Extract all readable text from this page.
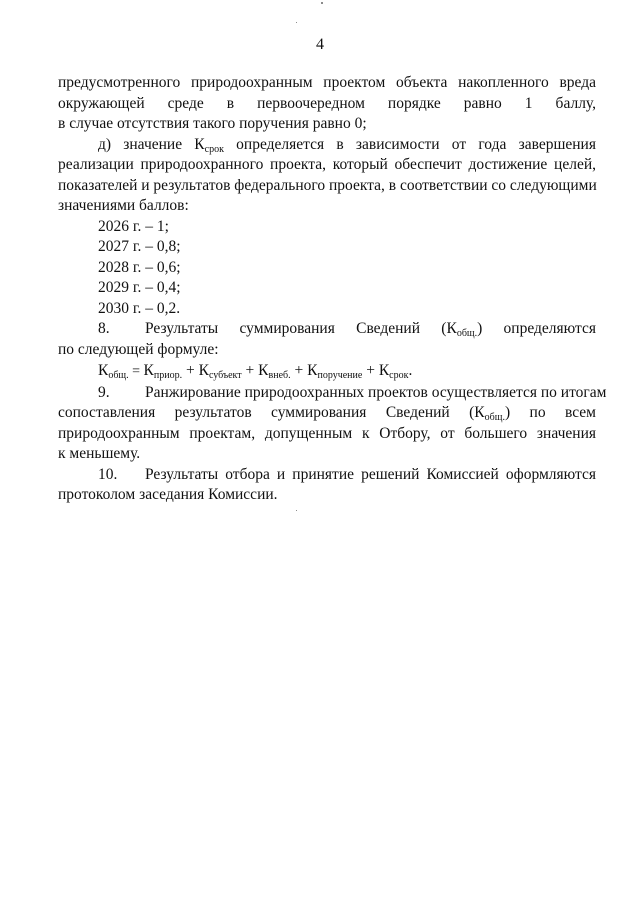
4
предусмотренного природоохранным проектом объекта накопленного вреда
окружающей среде в первоочередном порядке равно 1 баллу,
в случае отсутствия такого поручения равно 0;
д) значение $К_{срок}$ определяется в зависимости от года завершения
реализации природоохранного проекта, который обеспечит достижение целей,
показателей и результатов федерального проекта, в соответствии со следующими
значениями баллов:
2026 г. – 1;
2027 г. – 0,8;
2028 г. – 0,6;
2029 г. – 0,4;
2030 г. – 0,2.
8. Результаты суммирования Сведений $(К_{общ.})$ определяются
по следующей формуле:
$К_{общ.} = К_{приор.} + К_{субъект} + К_{внеб.} + К_{поручение} + К_{срок}$.
9. Ранжирование природоохранных проектов осуществляется по итогам
сопоставления результатов суммирования Сведений $(К_{общ.})$ по всем
природоохранным проектам, допущенным к Отбору, от большего значения
к меньшему.
10. Результаты отбора и принятие решений Комиссией оформляются
протоколом заседания Комиссии.
